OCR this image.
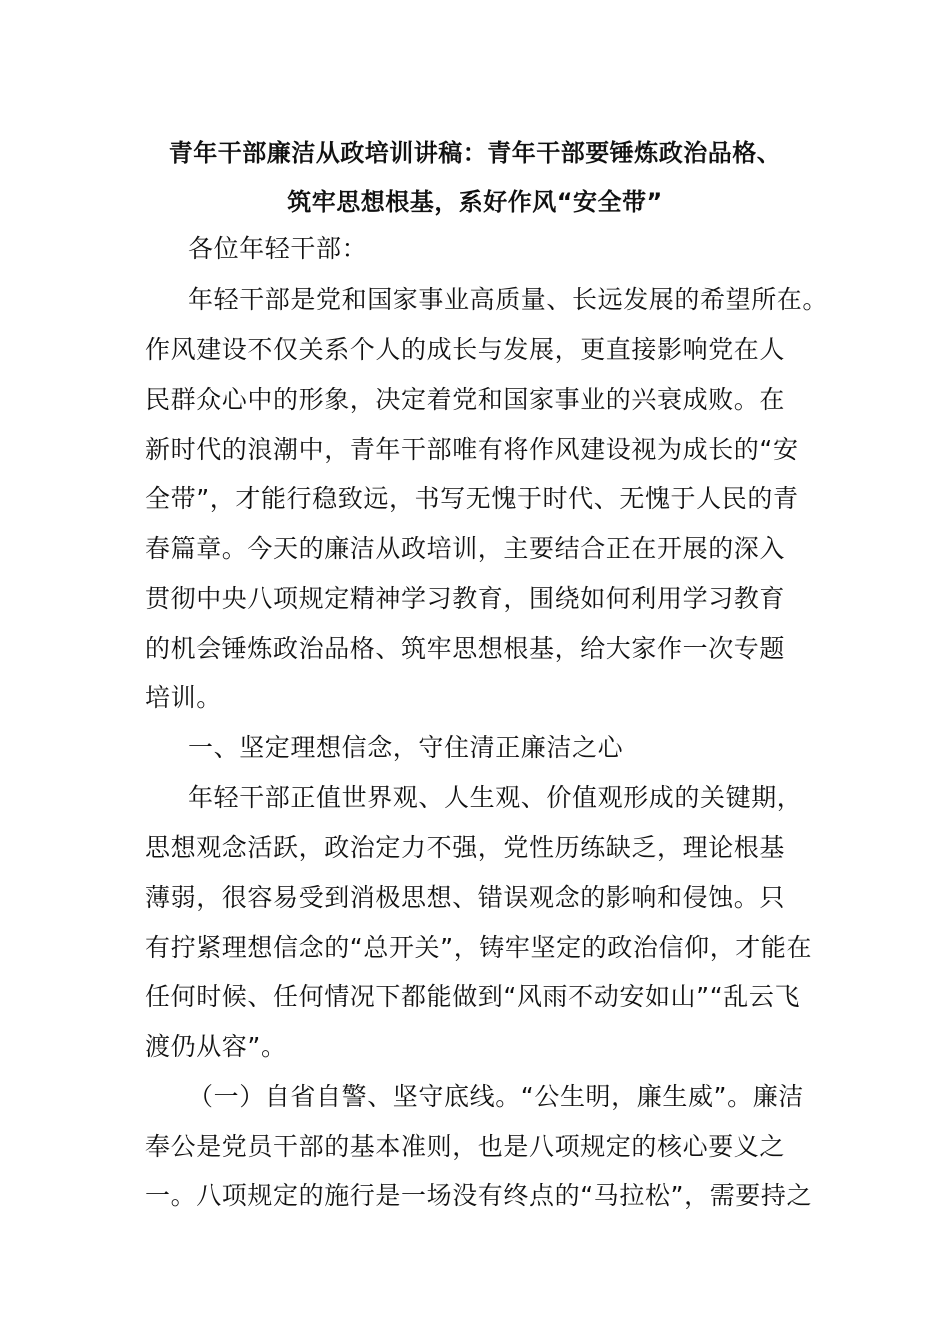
青年干部廉洁从政培训讲稿：青年干部要锤炼政治品格、
筑牢思想根基，系好作风“安全带”
各位年轻干部：
年轻干部是党和国家事业高质量、长远发展的希望所在。
作风建设不仅关系个人的成长与发展，更直接影响党在人
民群众心中的形象，决定着党和国家事业的兴衰成败。在
新时代的浪潮中，青年干部唯有将作风建设视为成长的“安
全带”，才能行稳致远，书写无愧于时代、无愧于人民的青
春篇章。今天的廉洁从政培训，主要结合正在开展的深入
贯彻中央八项规定精神学习教育，围绕如何利用学习教育
的机会锤炼政治品格、筑牢思想根基，给大家作一次专题
培训。
一、坚定理想信念，守住清正廉洁之心
年轻干部正值世界观、人生观、价值观形成的关键期，
思想观念活跃，政治定力不强，党性历练缺乏，理论根基
薄弱，很容易受到消极思想、错误观念的影响和侵蚀。只
有拧紧理想信念的“总开关”，铸牢坚定的政治信仰，才能在
任何时候、任何情况下都能做到“风雨不动安如山”“乱云飞
渡仍从容”。
（一）自省自警、坚守底线。“公生明，廉生威”。廉洁
奉公是党员干部的基本准则，也是八项规定的核心要义之
一。八项规定的施行是一场没有终点的“马拉松”，需要持之
